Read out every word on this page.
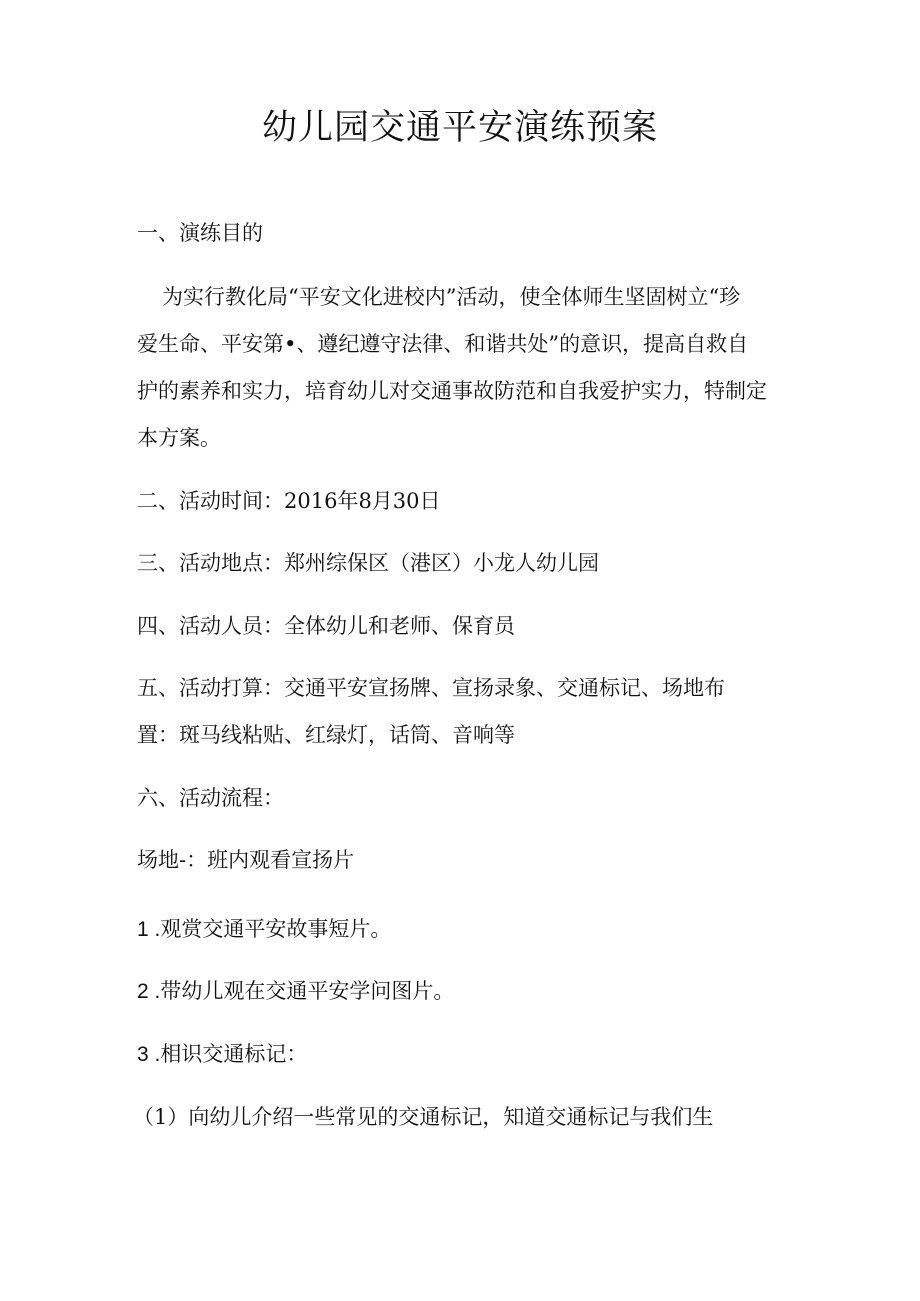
幼儿园交通平安演练预案

一、演练目的

为实行教化局“平安文化进校内”活动，使全体师生坚固树立“珍

爱生命、平安第•、遵纪遵守法律、和谐共处”的意识，提高自救自

护的素养和实力，培育幼儿对交通事故防范和自我爱护实力，特制定

本方案。

二、活动时间：2016年8月30日

三、活动地点：郑州综保区（港区）小龙人幼儿园

四、活动人员：全体幼儿和老师、保育员

五、活动打算：交通平安宣扬牌、宣扬录象、交通标记、场地布

置：斑马线粘贴、红绿灯，话筒、音响等

六、活动流程：

场地-：班内观看宣扬片

1 .观赏交通平安故事短片。

2 .带幼儿观在交通平安学问图片。

3 .相识交通标记：

（1）向幼儿介绍一些常见的交通标记，知道交通标记与我们生
